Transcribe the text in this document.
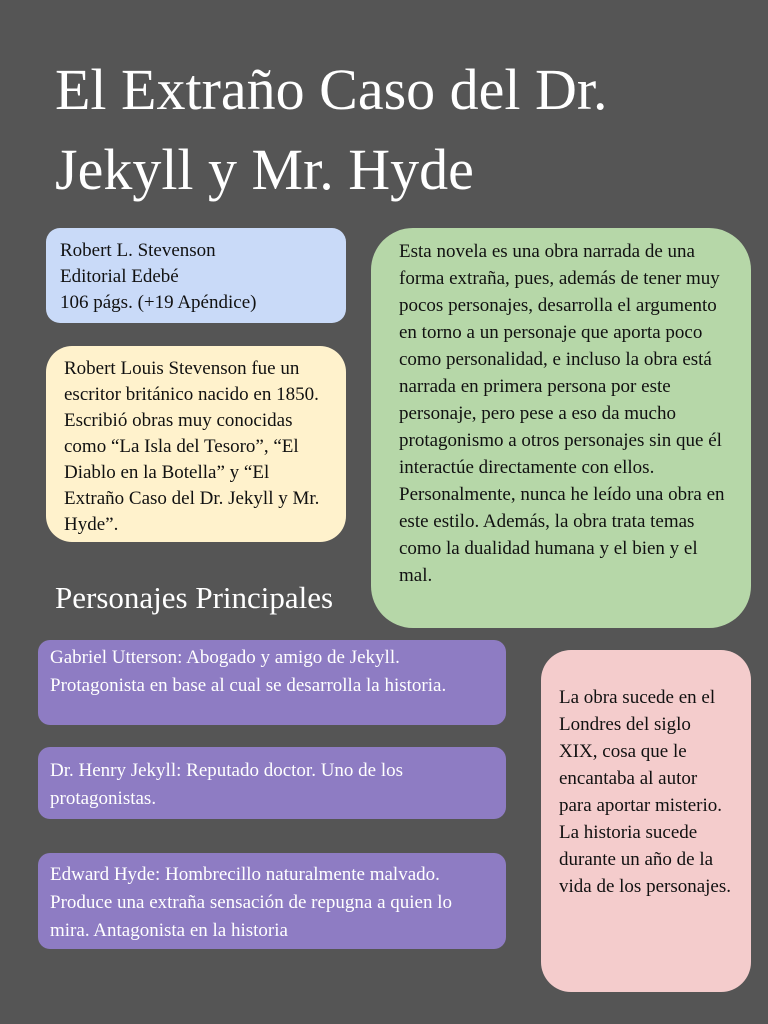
El Extraño Caso del Dr. Jekyll y Mr. Hyde
Robert L. Stevenson
Editorial Edebé
106 págs. (+19 Apéndice)
Robert Louis Stevenson fue un escritor británico nacido en 1850. Escribió obras muy conocidas como “La Isla del Tesoro”, “El Diablo en la Botella” y “El Extraño Caso del Dr. Jekyll y Mr. Hyde”.
Esta novela es una obra narrada de una forma extraña, pues, además de tener muy pocos personajes, desarrolla el argumento en torno a un personaje que aporta poco como personalidad, e incluso la obra está narrada en primera persona por este personaje, pero pese a eso da mucho protagonismo a otros personajes sin que él interactúe directamente con ellos. Personalmente, nunca he leído una obra en este estilo. Además, la obra trata temas como la dualidad humana y el bien y el mal.
Personajes Principales
Gabriel Utterson: Abogado y amigo de Jekyll. Protagonista en base al cual se desarrolla la historia.
Dr. Henry Jekyll: Reputado doctor. Uno de los protagonistas.
Edward Hyde: Hombrecillo naturalmente malvado. Produce una extraña sensación de repugna a quien lo mira. Antagonista en la historia
La obra sucede en el Londres del siglo XIX, cosa que le encantaba al autor para aportar misterio. La historia sucede durante un año de la vida de los personajes.
